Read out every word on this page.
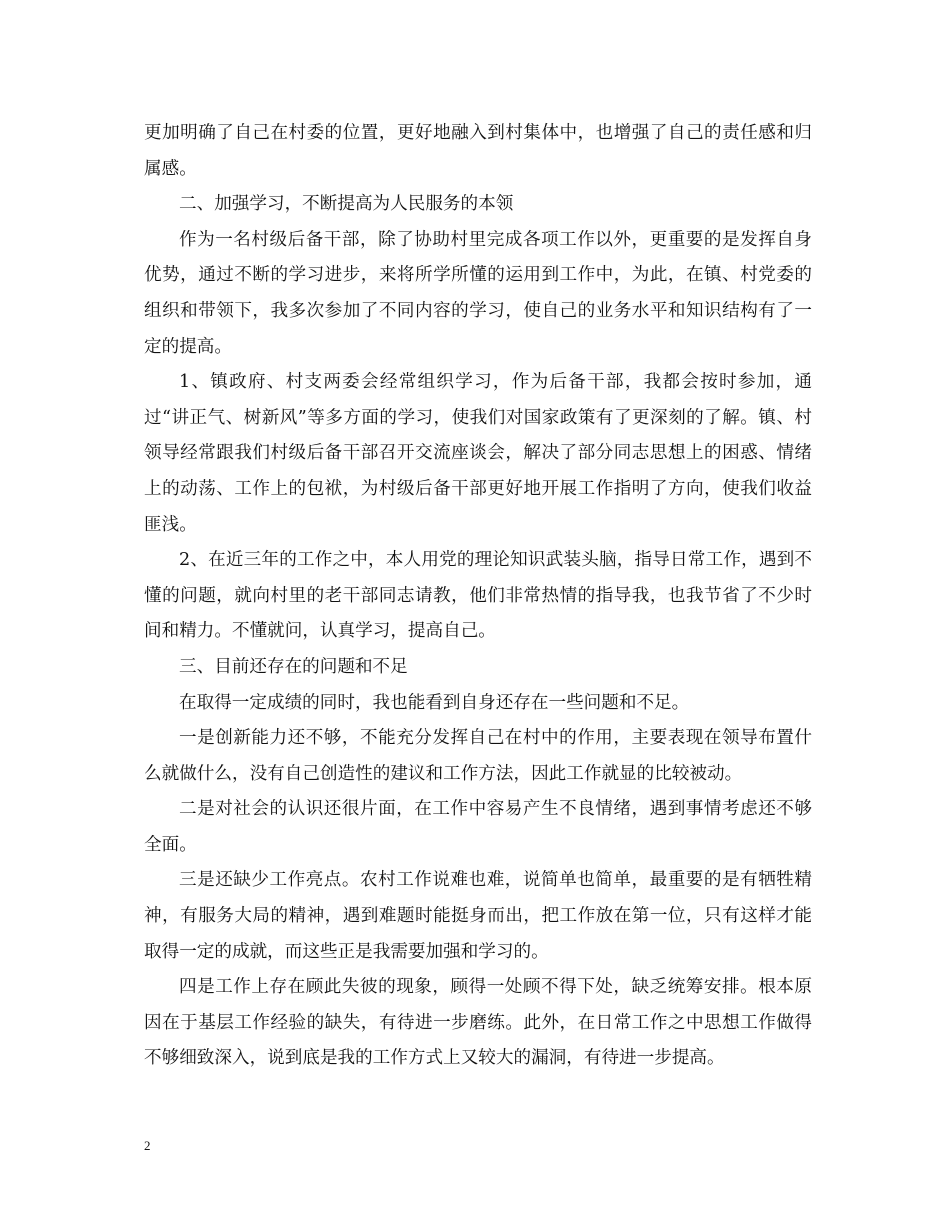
更加明确了自己在村委的位置，更好地融入到村集体中，也增强了自己的责任感和归属感。

二、加强学习，不断提高为人民服务的本领

作为一名村级后备干部，除了协助村里完成各项工作以外，更重要的是发挥自身优势，通过不断的学习进步，来将所学所懂的运用到工作中，为此，在镇、村党委的组织和带领下，我多次参加了不同内容的学习，使自己的业务水平和知识结构有了一定的提高。

1、镇政府、村支两委会经常组织学习，作为后备干部，我都会按时参加，通过“讲正气、树新风”等多方面的学习，使我们对国家政策有了更深刻的了解。镇、村领导经常跟我们村级后备干部召开交流座谈会，解决了部分同志思想上的困惑、情绪上的动荡、工作上的包袱，为村级后备干部更好地开展工作指明了方向，使我们收益匪浅。

2、在近三年的工作之中，本人用党的理论知识武装头脑，指导日常工作，遇到不懂的问题，就向村里的老干部同志请教，他们非常热情的指导我，也我节省了不少时间和精力。不懂就问，认真学习，提高自己。

三、目前还存在的问题和不足

在取得一定成绩的同时，我也能看到自身还存在一些问题和不足。

一是创新能力还不够，不能充分发挥自己在村中的作用，主要表现在领导布置什么就做什么，没有自己创造性的建议和工作方法，因此工作就显的比较被动。

二是对社会的认识还很片面，在工作中容易产生不良情绪，遇到事情考虑还不够全面。

三是还缺少工作亮点。农村工作说难也难，说简单也简单，最重要的是有牺牲精神，有服务大局的精神，遇到难题时能挺身而出，把工作放在第一位，只有这样才能取得一定的成就，而这些正是我需要加强和学习的。

四是工作上存在顾此失彼的现象，顾得一处顾不得下处，缺乏统筹安排。根本原因在于基层工作经验的缺失，有待进一步磨练。此外，在日常工作之中思想工作做得不够细致深入，说到底是我的工作方式上又较大的漏洞，有待进一步提高。

2
